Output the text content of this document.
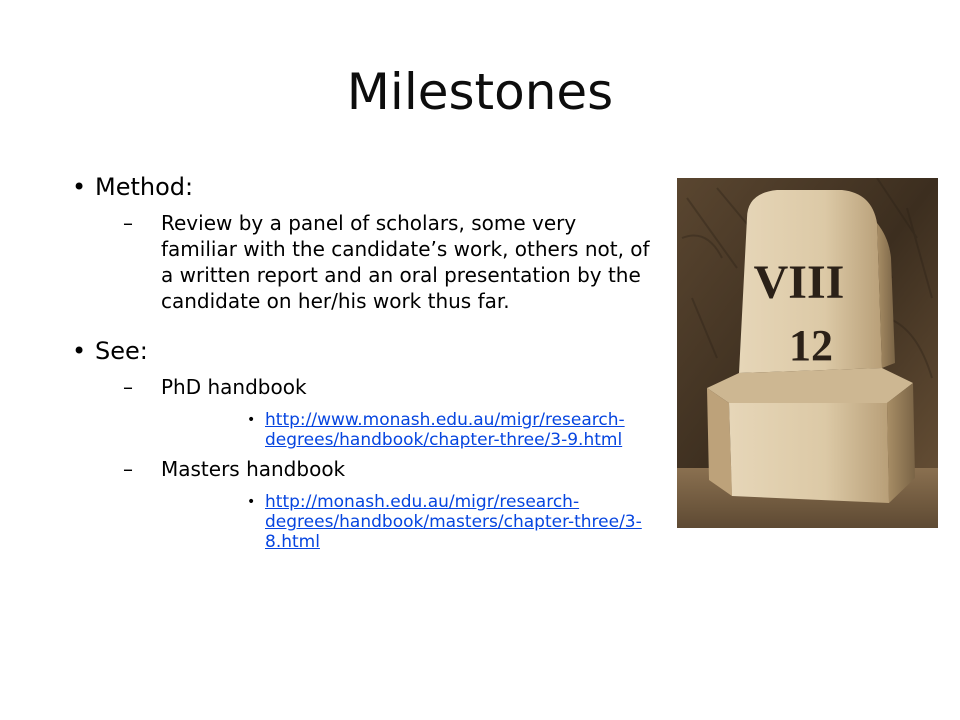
Milestones
• Method:
– Review by a panel of scholars, some very familiar with the candidate’s work, others not, of a written report and an oral presentation by the candidate on her/his work thus far.
• See:
– PhD handbook
• http://www.monash.edu.au/migr/research-degrees/handbook/chapter-three/3-9.html
– Masters handbook
• http://monash.edu.au/migr/research-degrees/handbook/masters/chapter-three/3-8.html
VIII
12
